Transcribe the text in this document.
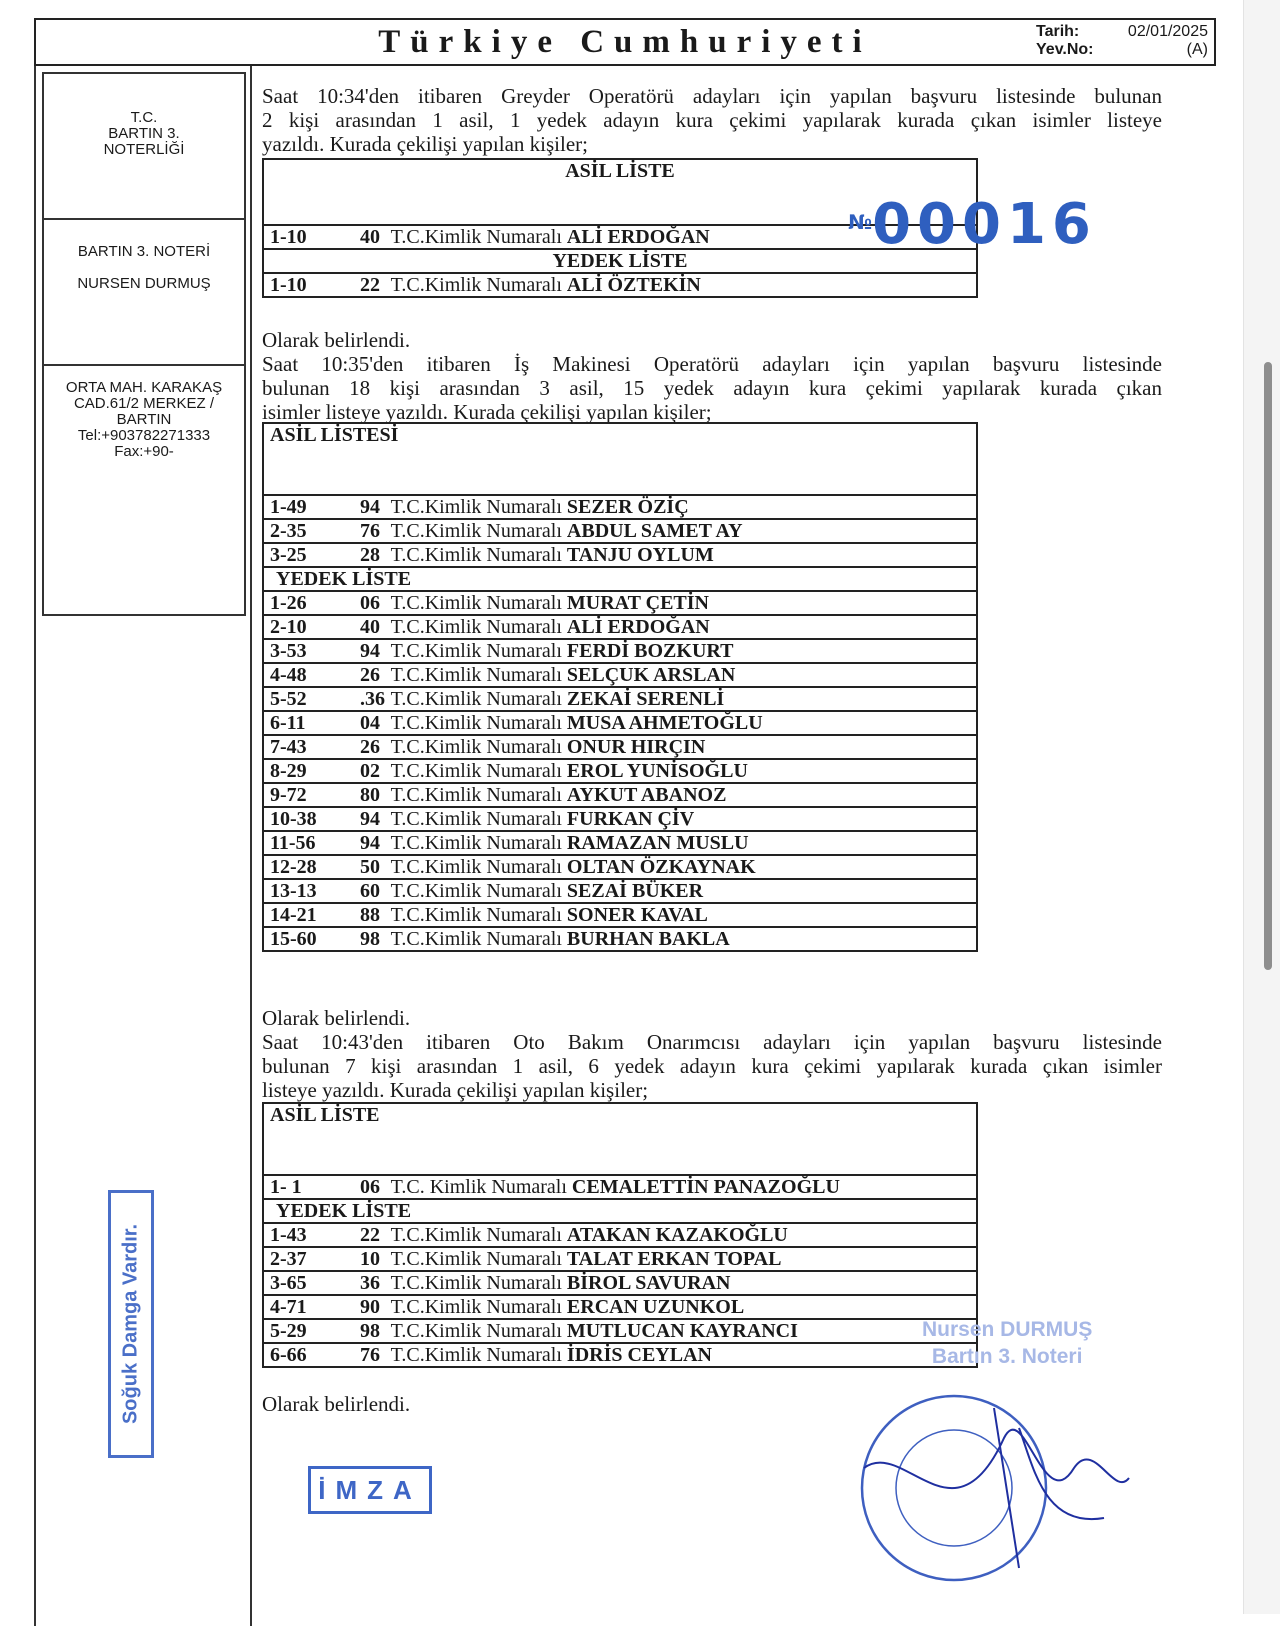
Türkiye Cumhuriyeti	Tarih:	02/01/2025
Yev.No:	(A)
T.C.
BARTIN 3.
NOTERLİĞİ
BARTIN 3. NOTERİ
NURSEN DURMUŞ
ORTA MAH. KARAKAŞ
CAD.61/2 MERKEZ /
BARTIN
Tel:+903782271333
Fax:+90-
Soğuk Damga Vardır.
Saat 10:34'den itibaren Greyder Operatörü adayları için yapılan başvuru listesinde bulunan
2 kişi arasından 1 asil, 1 yedek adayın kura çekimi yapılarak kurada çıkan isimler listeye
yazıldı. Kurada çekilişi yapılan kişiler;
ASİL LİSTE
1-10	40 T.C.Kimlik Numaralı ALİ ERDOĞAN
YEDEK LİSTE
1-10	22 T.C.Kimlik Numaralı ALİ ÖZTEKİN
Olarak belirlendi.
Saat 10:35'den itibaren İş Makinesi Operatörü adayları için yapılan başvuru listesinde
bulunan 18 kişi arasından 3 asil, 15 yedek adayın kura çekimi yapılarak kurada çıkan
isimler listeye yazıldı. Kurada çekilişi yapılan kişiler;
ASİL LİSTESİ
1-49	94 T.C.Kimlik Numaralı SEZER ÖZİÇ
2-35	76 T.C.Kimlik Numaralı ABDUL SAMET AY
3-25	28 T.C.Kimlik Numaralı TANJU OYLUM
YEDEK LİSTE
1-26	06 T.C.Kimlik Numaralı MURAT ÇETİN
2-10	40 T.C.Kimlik Numaralı ALİ ERDOĞAN
3-53	94 T.C.Kimlik Numaralı FERDİ BOZKURT
4-48	26 T.C.Kimlik Numaralı SELÇUK ARSLAN
5-52	.36 T.C.Kimlik Numaralı ZEKAİ SERENLİ
6-11	04 T.C.Kimlik Numaralı MUSA AHMETOĞLU
7-43	26 T.C.Kimlik Numaralı ONUR HIRÇIN
8-29	02 T.C.Kimlik Numaralı EROL YUNİSOĞLU
9-72	80 T.C.Kimlik Numaralı AYKUT ABANOZ
10-38 94 T.C.Kimlik Numaralı FURKAN ÇİV
11-56 94 T.C.Kimlik Numaralı RAMAZAN MUSLU
12-28 50 T.C.Kimlik Numaralı OLTAN ÖZKAYNAK
13-13 60 T.C.Kimlik Numaralı SEZAİ BÜKER
14-21 88 T.C.Kimlik Numaralı SONER KAVAL
15-60 98 T.C.Kimlik Numaralı BURHAN BAKLA
Olarak belirlendi.
Saat 10:43'den itibaren Oto Bakım Onarımcısı adayları için yapılan başvuru listesinde
bulunan 7 kişi arasından 1 asil, 6 yedek adayın kura çekimi yapılarak kurada çıkan isimler
listeye yazıldı. Kurada çekilişi yapılan kişiler;
ASİL LİSTE
1- 1	06 T.C. Kimlik Numaralı CEMALETTİN PANAZOĞLU
YEDEK LİSTE
1-43	22 T.C.Kimlik Numaralı ATAKAN KAZAKOĞLU
2-37	10 T.C.Kimlik Numaralı TALAT ERKAN TOPAL
3-65	36 T.C.Kimlik Numaralı BİROL SAVURAN
4-71	90 T.C.Kimlik Numaralı ERCAN UZUNKOL
5-29	98 T.C.Kimlik Numaralı MUTLUCAN KAYRANCI
6-66	76 T.C.Kimlik Numaralı İDRİS CEYLAN
Olarak belirlendi.
№00016
İMZA
Nursen DURMUŞ
Bartın 3. Noteri
